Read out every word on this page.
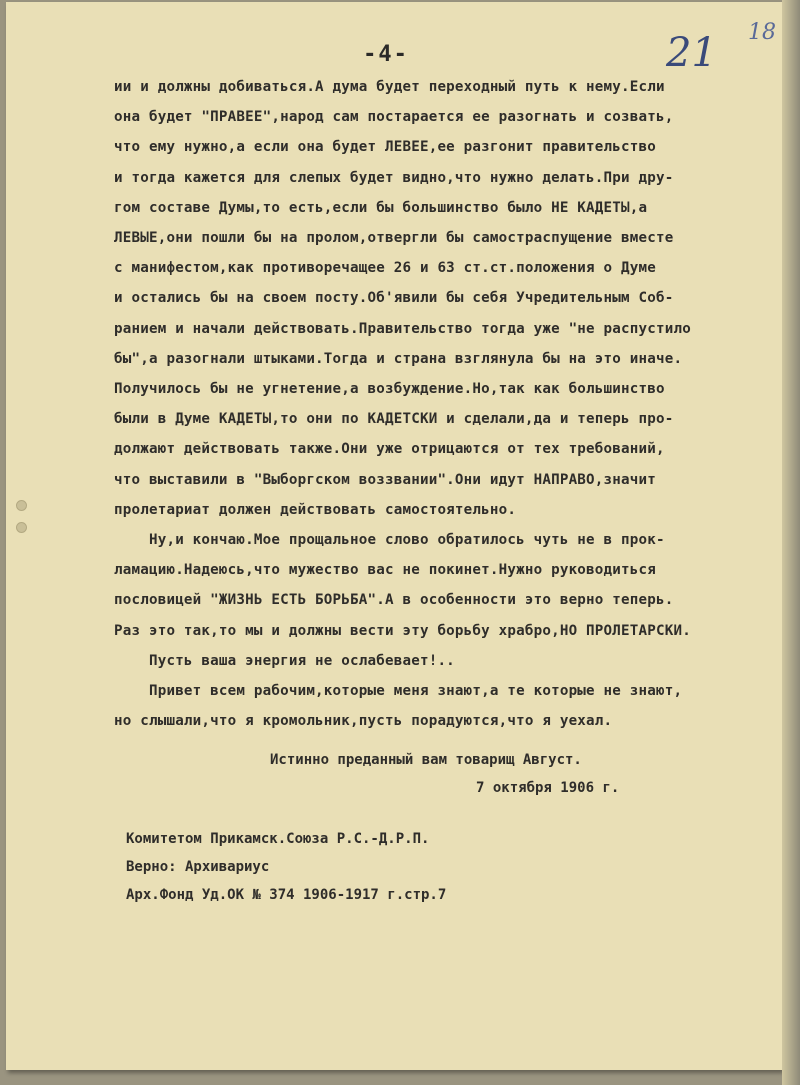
-4-	21 18
ии и должны добиваться.А дума будет переходный путь к нему.Если
она будет "ПРАВЕЕ",народ сам постарается ее разогнать и созвать,
что ему нужно,а если она будет ЛЕВЕЕ,ее разгонит правительство
и тогда кажется для слепых будет видно,что нужно делать.При дру-
гом составе Думы,то есть,если бы большинство было НЕ КАДЕТЫ,а
ЛЕВЫЕ,они пошли бы на пролом,отвергли бы самостраспущение вместе
с манифестом,как противоречащее 26 и 63 ст.ст.положения о Думе
и остались бы на своем посту.Об'явили бы себя Учредительным Соб-
ранием и начали действовать.Правительство тогда уже "не распустило
бы",а разогнали штыками.Тогда и страна взглянула бы на это иначе.
Получилось бы не угнетение,а возбуждение.Но,так как большинство
были в Думе КАДЕТЫ,то они по КАДЕТСКИ и сделали,да и теперь про-
должают действовать также.Они уже отрицаются от тех требований,
что выставили в "Выборгском воззвании".Они идут НАПРАВО,значит
пролетариат должен действовать самостоятельно.
Ну,и кончаю.Мое прощальное слово обратилось чуть не в прок-
ламацию.Надеюсь,что мужество вас не покинет.Нужно руководиться
пословицей "ЖИЗНЬ ЕСТЬ БОРЬБА".А в особенности это верно теперь.
Раз это так,то мы и должны вести эту борьбу храбро,НО ПРОЛЕТАРСКИ.
Пусть ваша энергия не ослабевает!..
Привет всем рабочим,которые меня знают,а те которые не знают,
но слышали,что я кромольник,пусть порадуются,что я уехал.
Истинно преданный вам товарищ Август.
7 октября 1906 г.
Комитетом Прикамск.Союза Р.С.-Д.Р.П.
Верно: Архивариус
Арх.Фонд Уд.ОК № 374 1906-1917 г.стр.7
